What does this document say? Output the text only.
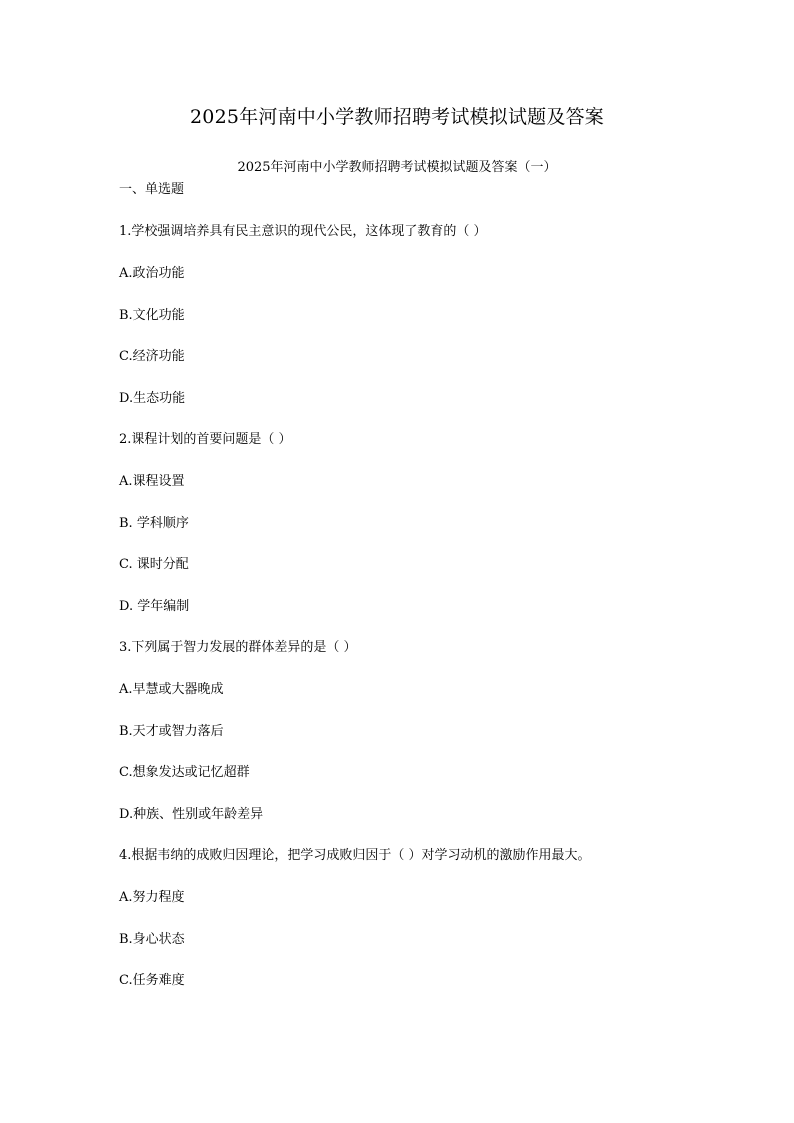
2025年河南中小学教师招聘考试模拟试题及答案
2025年河南中小学教师招聘考试模拟试题及答案（一）
一、单选题
1.学校强调培养具有民主意识的现代公民，这体现了教育的（ ）
A.政治功能
B.文化功能
C.经济功能
D.生态功能
2.课程计划的首要问题是（ ）
A.课程设置
B. 学科顺序
C. 课时分配
D. 学年编制
3.下列属于智力发展的群体差异的是（ ）
A.早慧或大器晚成
B.天才或智力落后
C.想象发达或记忆超群
D.种族、性别或年龄差异
4.根据韦纳的成败归因理论，把学习成败归因于（ ）对学习动机的激励作用最大。
A.努力程度
B.身心状态
C.任务难度
